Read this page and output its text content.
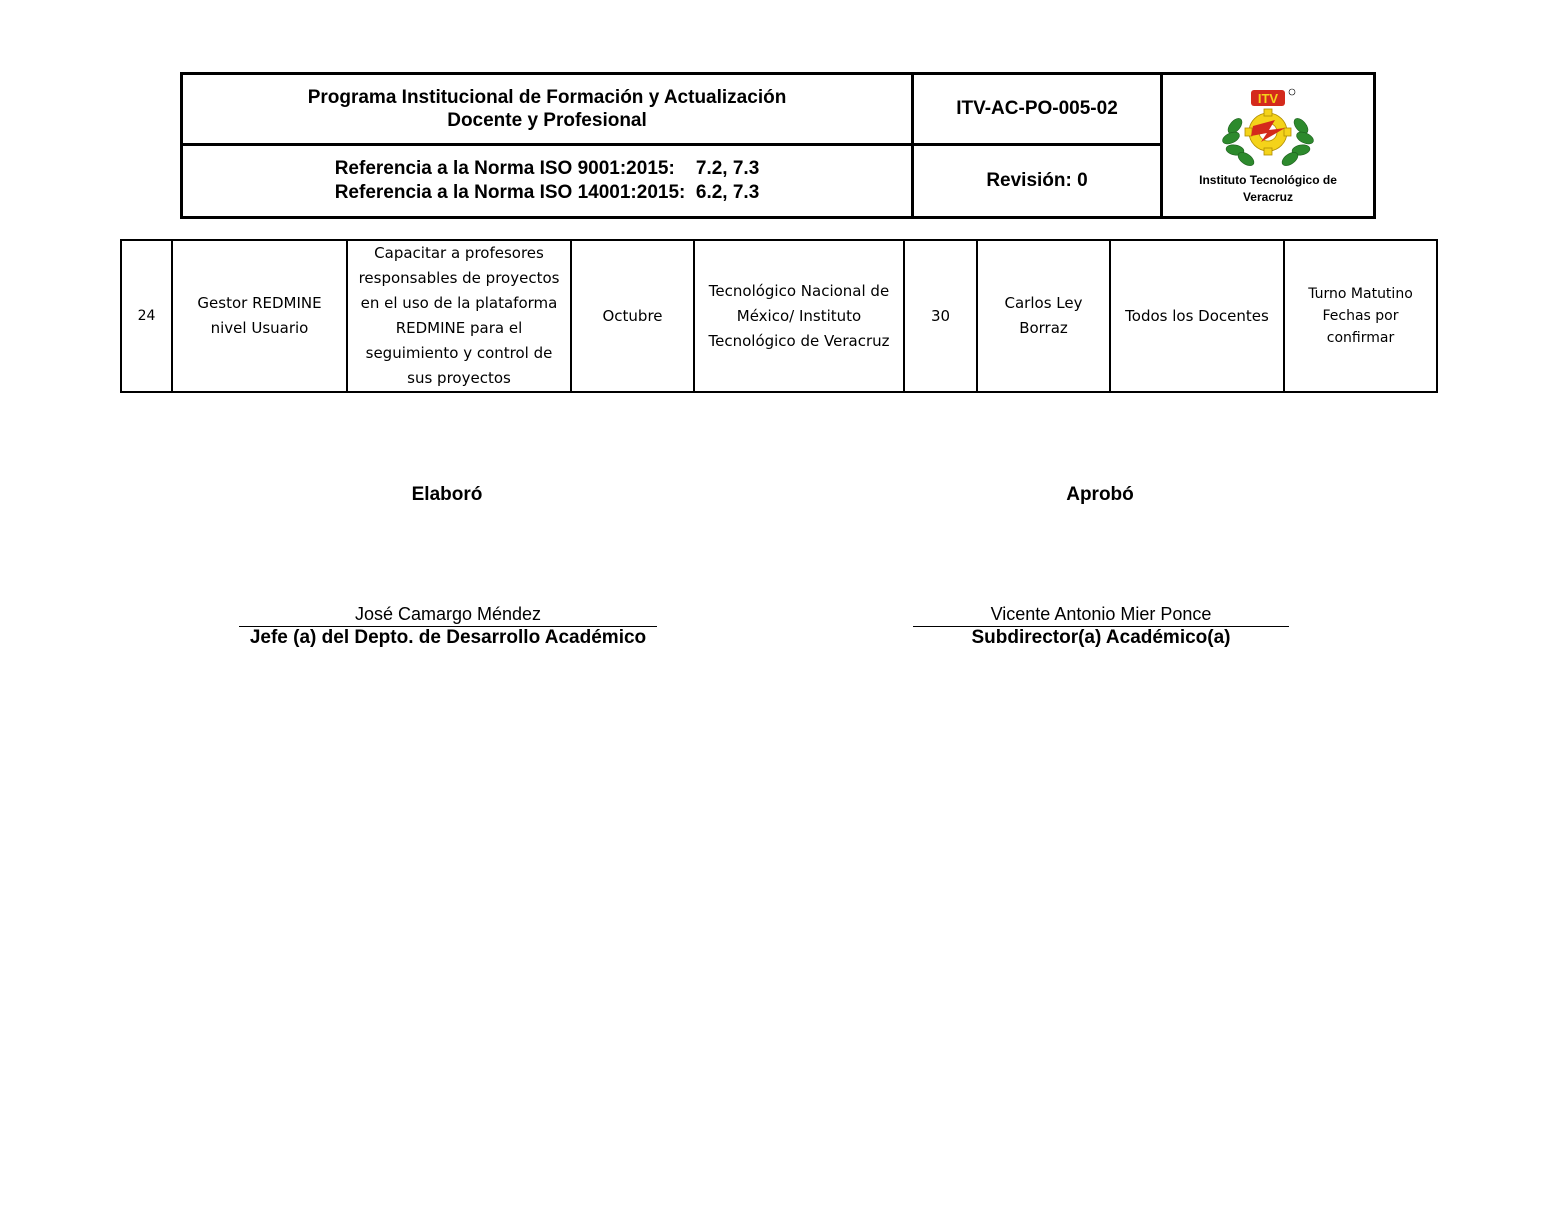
Programa Institucional de Formación y Actualización
Docente y Profesional
ITV-AC-PO-005-02
Referencia a la Norma ISO 9001:2015:    7.2, 7.3
Referencia a la Norma ISO 14001:2015:  6.2, 7.3
Revisión: 0
ITV
Instituto Tecnológico de
Veracruz
24	Gestor REDMINE nivel Usuario	Capacitar a profesores responsables de proyectos en el uso de la plataforma REDMINE para el seguimiento y control de sus proyectos	Octubre	Tecnológico Nacional de México/ Instituto Tecnológico de Veracruz	30	Carlos Ley Borraz	Todos los Docentes	Turno Matutino Fechas por confirmar
Elaboró	Aprobó
José Camargo Méndez	Vicente Antonio Mier Ponce
Jefe (a) del Depto. de Desarrollo Académico	Subdirector(a) Académico(a)
